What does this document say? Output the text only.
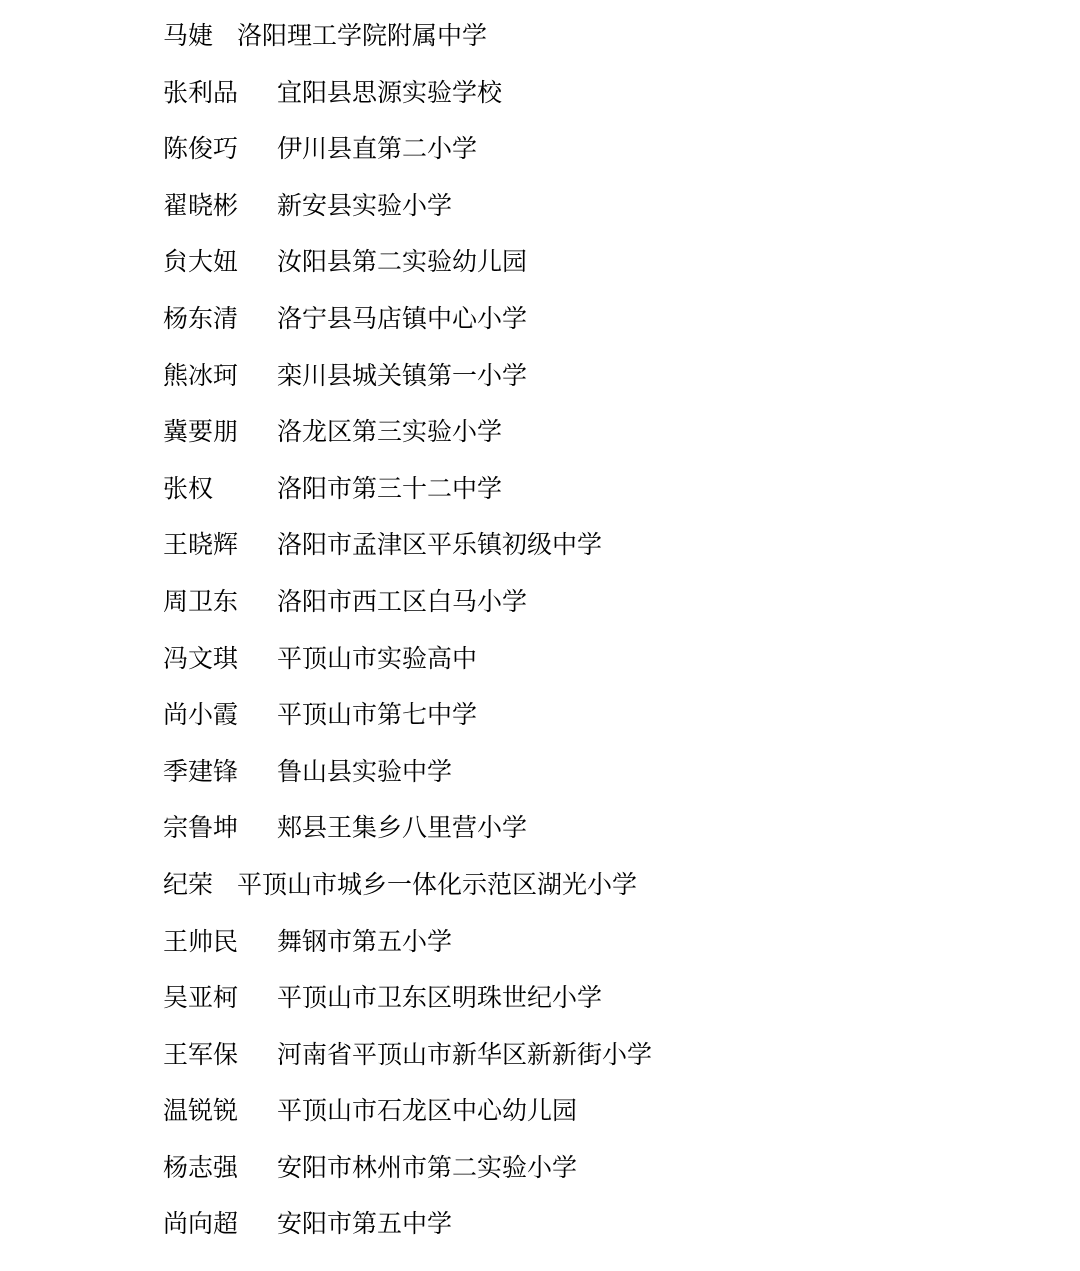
马婕 洛阳理工学院附属中学
张利品 宜阳县思源实验学校
陈俊巧 伊川县直第二小学
翟晓彬 新安县实验小学
贠大妞 汝阳县第二实验幼儿园
杨东清 洛宁县马店镇中心小学
熊冰珂 栾川县城关镇第一小学
冀要朋 洛龙区第三实验小学
张权	洛阳市第三十二中学
王晓辉 洛阳市孟津区平乐镇初级中学
周卫东 洛阳市西工区白马小学
冯文琪 平顶山市实验高中
尚小霞 平顶山市第七中学
季建锋 鲁山县实验中学
宗鲁坤 郏县王集乡八里营小学
纪荣 平顶山市城乡一体化示范区湖光小学
王帅民 舞钢市第五小学
吴亚柯 平顶山市卫东区明珠世纪小学
王军保 河南省平顶山市新华区新新街小学
温锐锐 平顶山市石龙区中心幼儿园
杨志强 安阳市林州市第二实验小学
尚向超 安阳市第五中学
